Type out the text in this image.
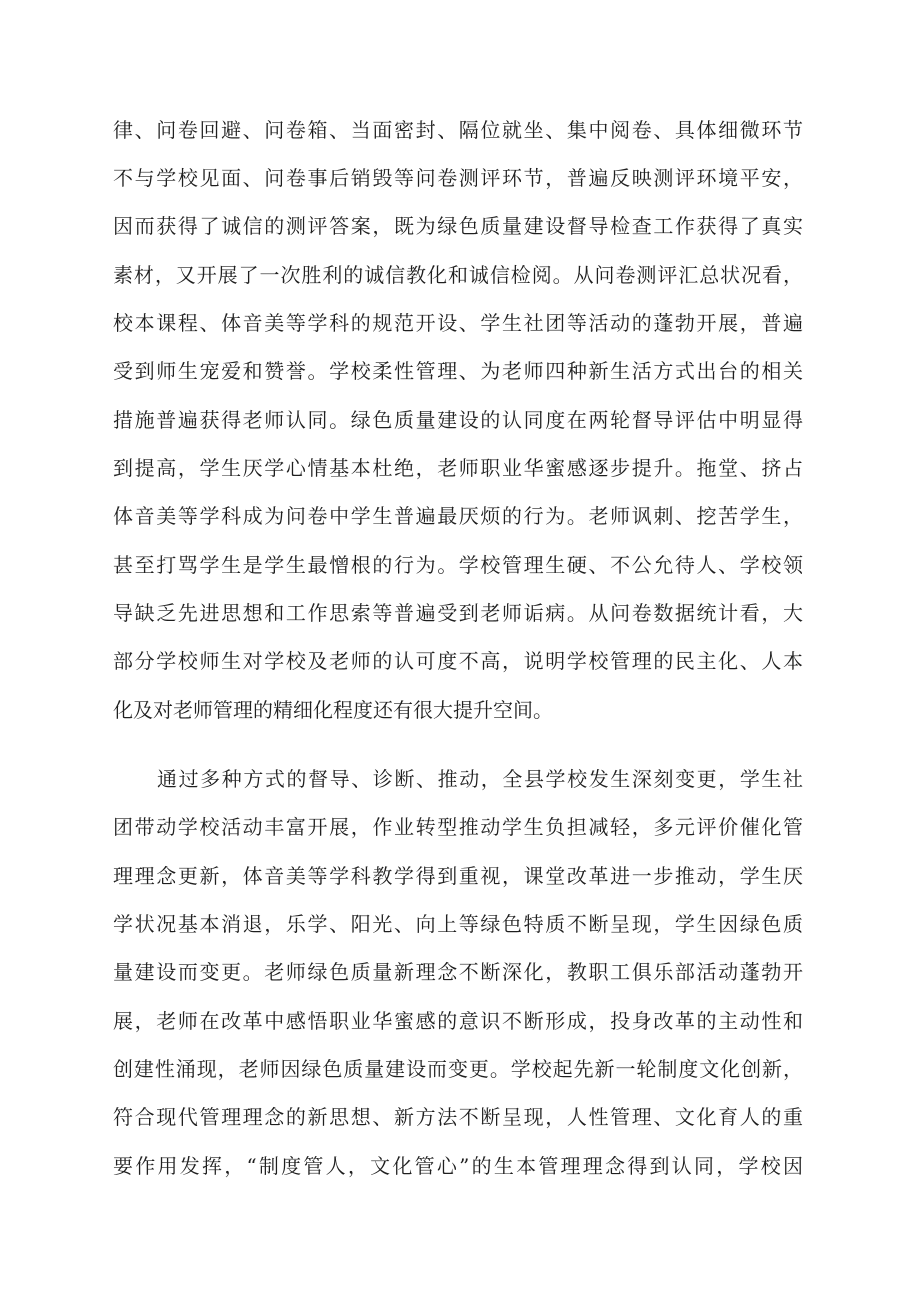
律、问卷回避、问卷箱、当面密封、隔位就坐、集中阅卷、具体细微环节

不与学校见面、问卷事后销毁等问卷测评环节，普遍反映测评环境平安，

因而获得了诚信的测评答案，既为绿色质量建设督导检查工作获得了真实

素材，又开展了一次胜利的诚信教化和诚信检阅。从问卷测评汇总状况看，

校本课程、体音美等学科的规范开设、学生社团等活动的蓬勃开展，普遍

受到师生宠爱和赞誉。学校柔性管理、为老师四种新生活方式出台的相关

措施普遍获得老师认同。绿色质量建设的认同度在两轮督导评估中明显得

到提高，学生厌学心情基本杜绝，老师职业华蜜感逐步提升。拖堂、挤占

体音美等学科成为问卷中学生普遍最厌烦的行为。老师讽刺、挖苦学生，

甚至打骂学生是学生最憎根的行为。学校管理生硬、不公允待人、学校领

导缺乏先进思想和工作思索等普遍受到老师诟病。从问卷数据统计看，大

部分学校师生对学校及老师的认可度不高，说明学校管理的民主化、人本

化及对老师管理的精细化程度还有很大提升空间。

通过多种方式的督导、诊断、推动，全县学校发生深刻变更，学生社

团带动学校活动丰富开展，作业转型推动学生负担减轻，多元评价催化管

理理念更新，体音美等学科教学得到重视，课堂改革进一步推动，学生厌

学状况基本消退，乐学、阳光、向上等绿色特质不断呈现，学生因绿色质

量建设而变更。老师绿色质量新理念不断深化，教职工俱乐部活动蓬勃开

展，老师在改革中感悟职业华蜜感的意识不断形成，投身改革的主动性和

创建性涌现，老师因绿色质量建设而变更。学校起先新一轮制度文化创新，

符合现代管理理念的新思想、新方法不断呈现，人性管理、文化育人的重

要作用发挥，“制度管人，文化管心”的生本管理理念得到认同，学校因
